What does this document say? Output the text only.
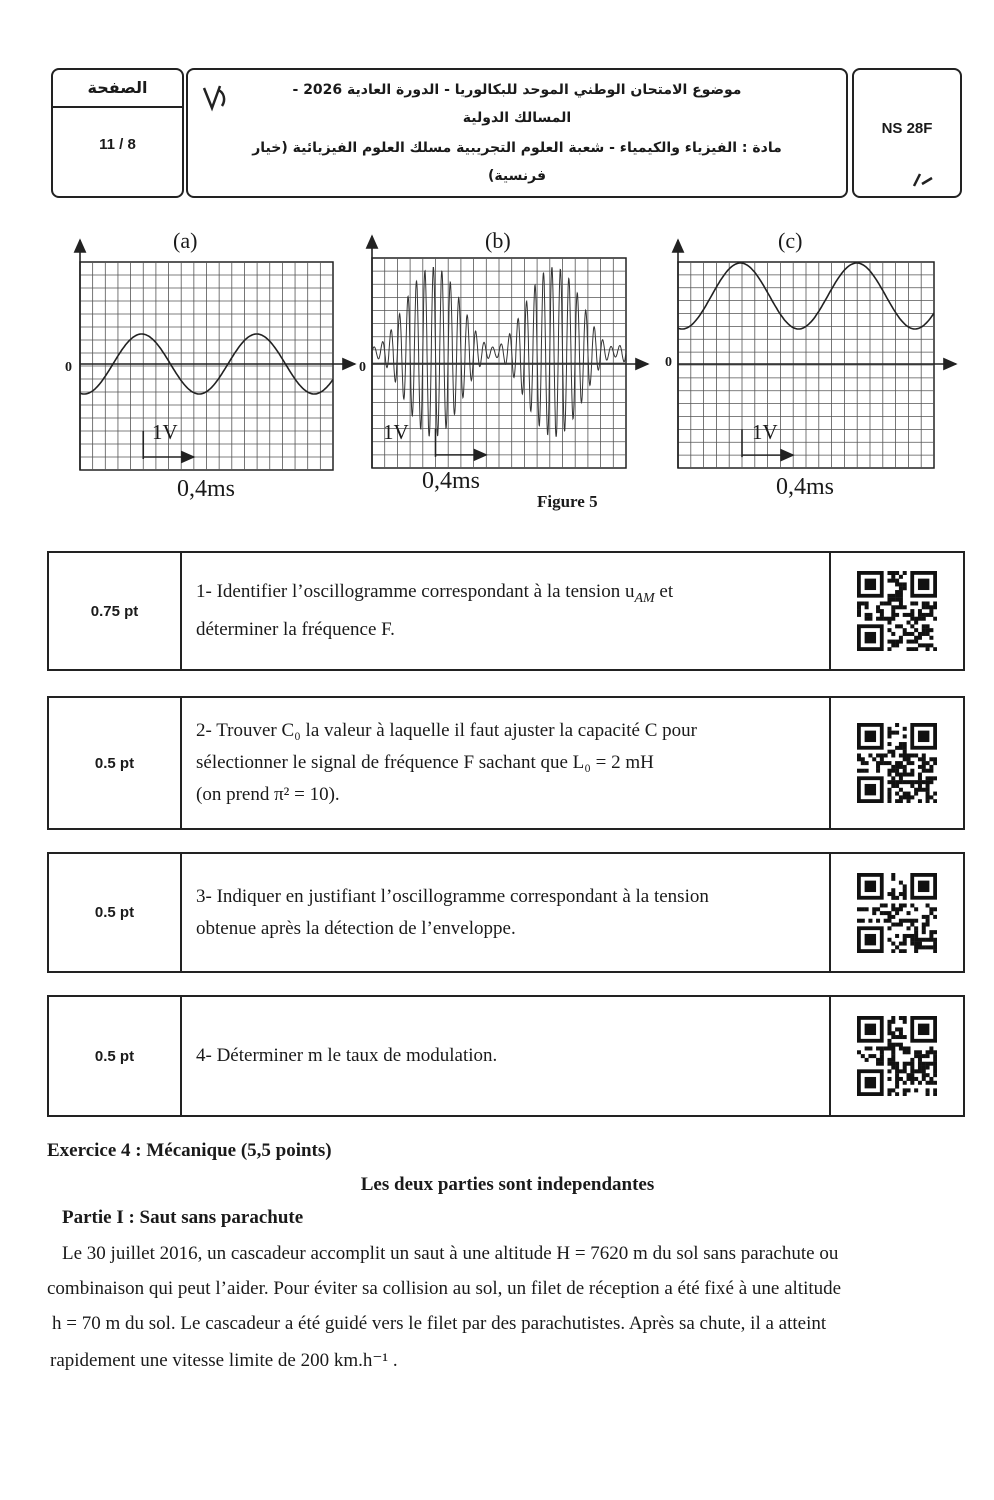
الصفحة
11 / 8
موضوع الامتحان الوطني الموحد للبكالوريا - الدورة العادية 2026 -
المسالك الدولية
مادة : الفيزياء والكيمياء - شعبة العلوم التجريبية مسلك العلوم الفيزيائية (خيار
فرنسية)
NS 28F
(a)	(b)	(c)
0	0	0
1V	1V	1V
0,4ms	0,4ms	0,4ms
Figure 5
0.75 pt
1- Identifier l’oscillogramme correspondant à la tension $u_{AM}$ et
déterminer la fréquence F.
0.5 pt
2- Trouver C₀ la valeur à laquelle il faut ajuster la capacité C pour
sélectionner le signal de fréquence F sachant que L₀ = 2 mH
(on prend π² = 10).
0.5 pt
3- Indiquer en justifiant l’oscillogramme correspondant à la tension
obtenue après la détection de l’enveloppe.
0.5 pt	4- Déterminer m le taux de modulation.
Exercice 4 : Mécanique (5,5 points)
Les deux parties sont independantes
Partie I : Saut sans parachute
Le 30 juillet 2016, un cascadeur accomplit un saut à une altitude H = 7620 m du sol sans parachute ou
combinaison qui peut l’aider. Pour éviter sa collision au sol, un filet de réception a été fixé à une altitude
h = 70 m du sol. Le cascadeur a été guidé vers le filet par des parachutistes. Après sa chute, il a atteint
rapidement une vitesse limite de 200 km.h⁻¹ .
